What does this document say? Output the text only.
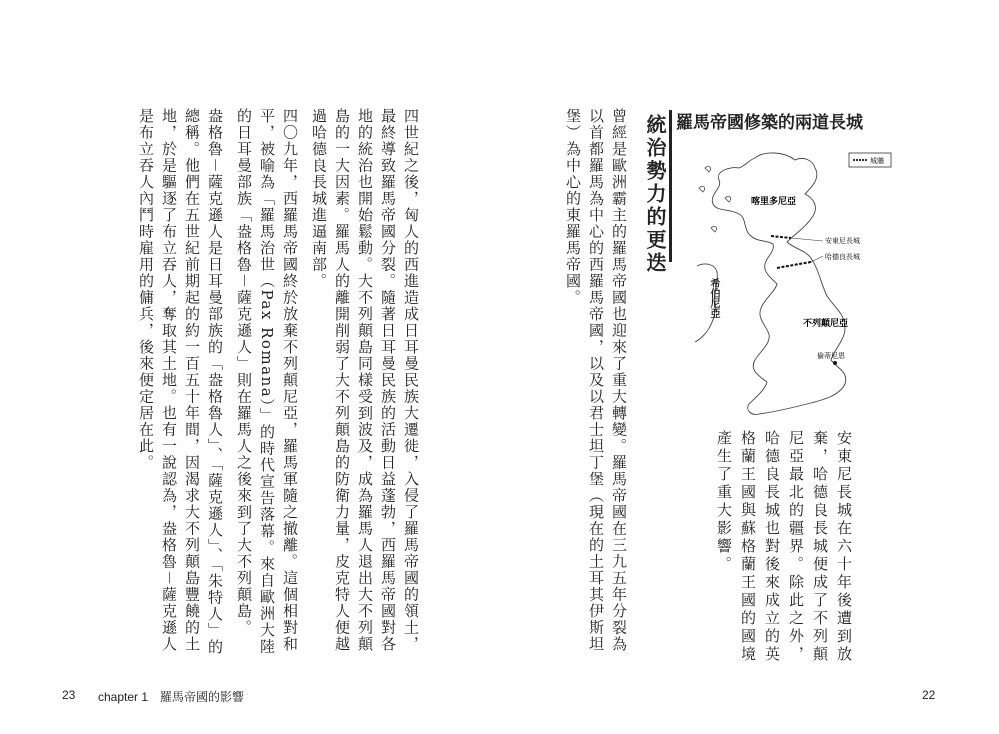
羅馬帝國修築的兩道長城
城牆
喀里多尼亞
安東尼長城
哈德良長城
不列顛尼亞
倫蒂尼恩
希伯尼亞
安東尼長城在六十年後遭到放棄，哈德良長城便成了不列顛尼亞最北的疆界。除此之外，哈德良長城也對後來成立的英格蘭王國與蘇格蘭王國的國境產生了重大影響。
統治勢力的更迭

曾經是歐洲霸主的羅馬帝國也迎來了重大轉變。羅馬帝國在三九五年分裂為以首都羅馬為中心的西羅馬帝國，以及以君士坦丁堡（現在的土耳其伊斯坦堡）為中心的東羅馬帝國。

四世紀之後，匈人的西進造成日耳曼民族大遷徙，入侵了羅馬帝國的領土，最終導致羅馬帝國分裂。隨著日耳曼民族的活動日益蓬勃，西羅馬帝國對各地的統治也開始鬆動。大不列顛島同樣受到波及，成為羅馬人退出大不列顛島的一大因素。羅馬人的離開削弱了大不列顛島的防衛力量，皮克特人便越過哈德良長城進逼南部。

四〇九年，西羅馬帝國終於放棄不列顛尼亞，羅馬軍隨之撤離。這個相對和平，被喻為「羅馬治世（Pax Romana）」的時代宣告落幕。來自歐洲大陸的日耳曼部族「盎格魯－薩克遜人」則在羅馬人之後來到了大不列顛島。

盎格魯－薩克遜人是日耳曼部族的「盎格魯人」、「薩克遜人」、「朱特人」的總稱。他們在五世紀前期起的約一百五十年間，因渴求大不列顛島豐饒的土地，於是驅逐了布立吞人，奪取其土地。也有一說認為，盎格魯－薩克遜人是布立吞人內鬥時雇用的傭兵，後來便定居在此。

23 chapter 1　羅馬帝國的影響	22
